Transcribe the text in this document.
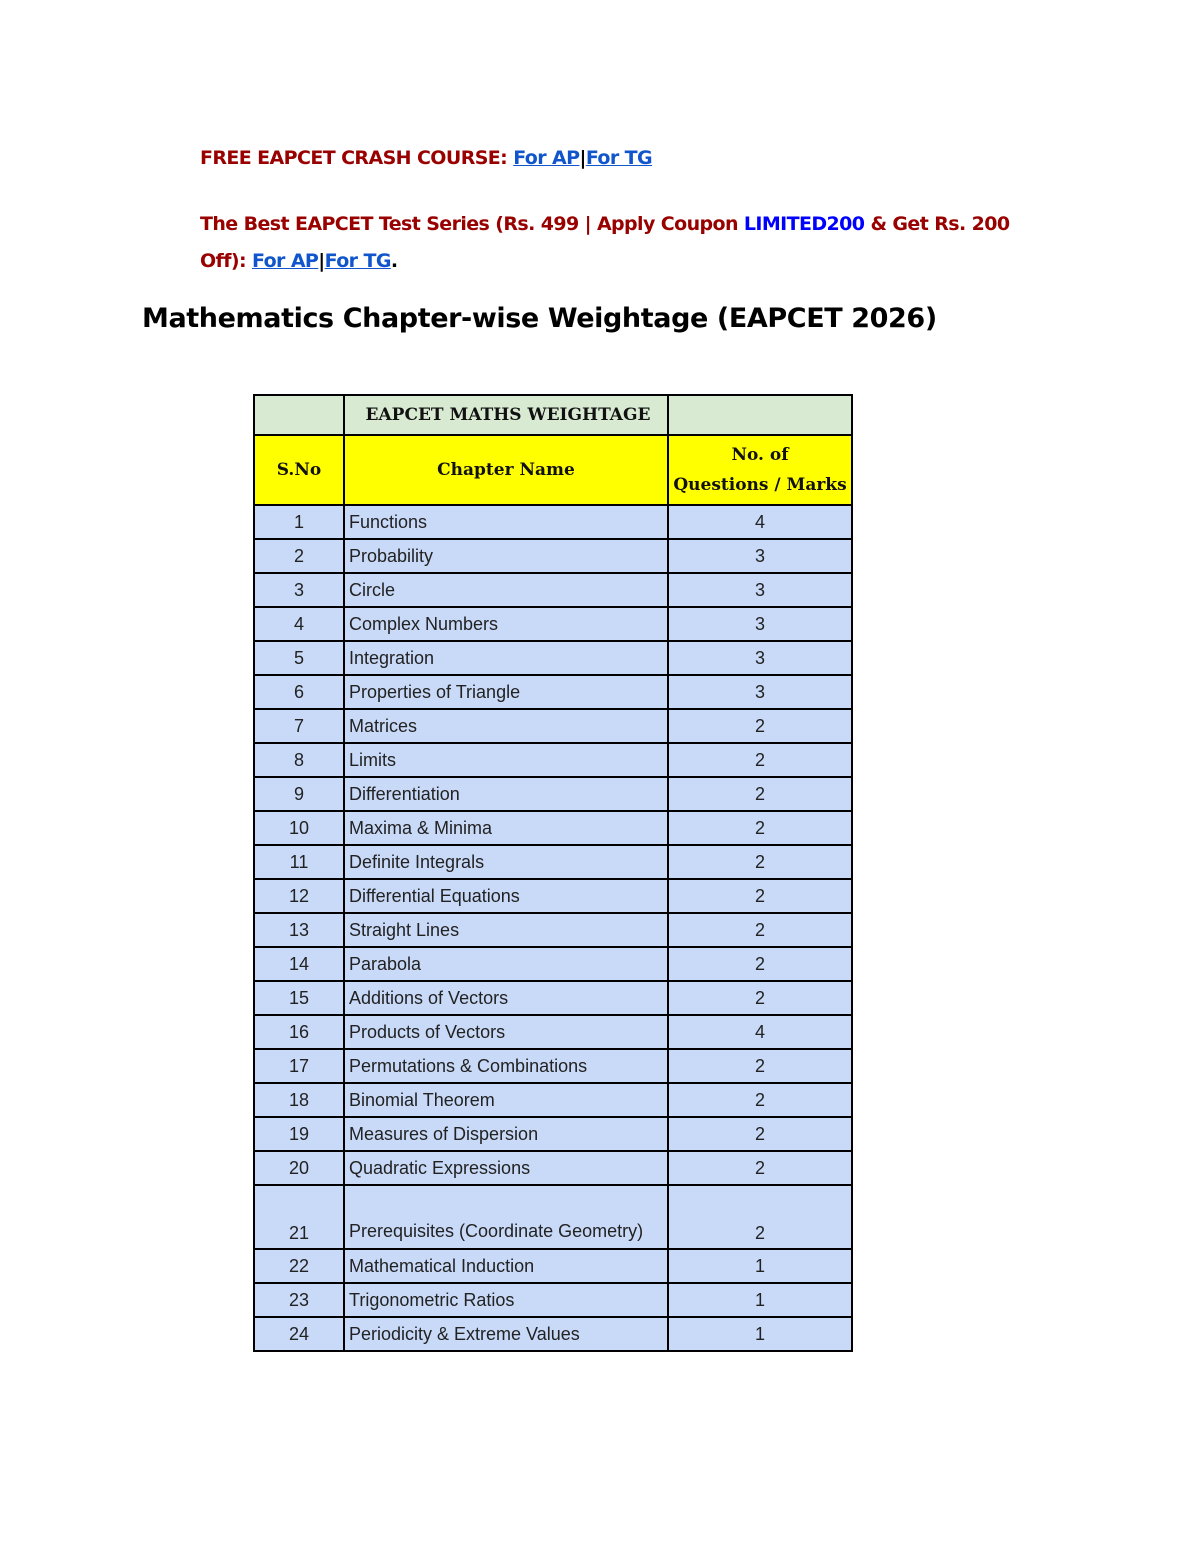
FREE EAPCET CRASH COURSE: For AP|For TG
The Best EAPCET Test Series (Rs. 499 | Apply Coupon LIMITED200 & Get Rs. 200 Off): For AP|For TG.
Mathematics Chapter-wise Weightage (EAPCET 2026)
	EAPCET MATHS WEIGHTAGE	
S.No	Chapter Name	No. of
Questions / Marks

1	Functions	4
2	Probability	3
3	Circle	3
4	Complex Numbers	3
5	Integration	3
6	Properties of Triangle	3
7	Matrices	2
8	Limits	2
9	Differentiation	2
10	Maxima & Minima	2
11	Definite Integrals	2
12	Differential Equations	2
13	Straight Lines	2
14	Parabola	2
15	Additions of Vectors	2
16	Products of Vectors	4
17	Permutations & Combinations	2
18	Binomial Theorem	2
19	Measures of Dispersion	2
20	Quadratic Expressions	2
21	Prerequisites (Coordinate Geometry)	2
22	Mathematical Induction	1
23	Trigonometric Ratios	1
24	Periodicity & Extreme Values	1
